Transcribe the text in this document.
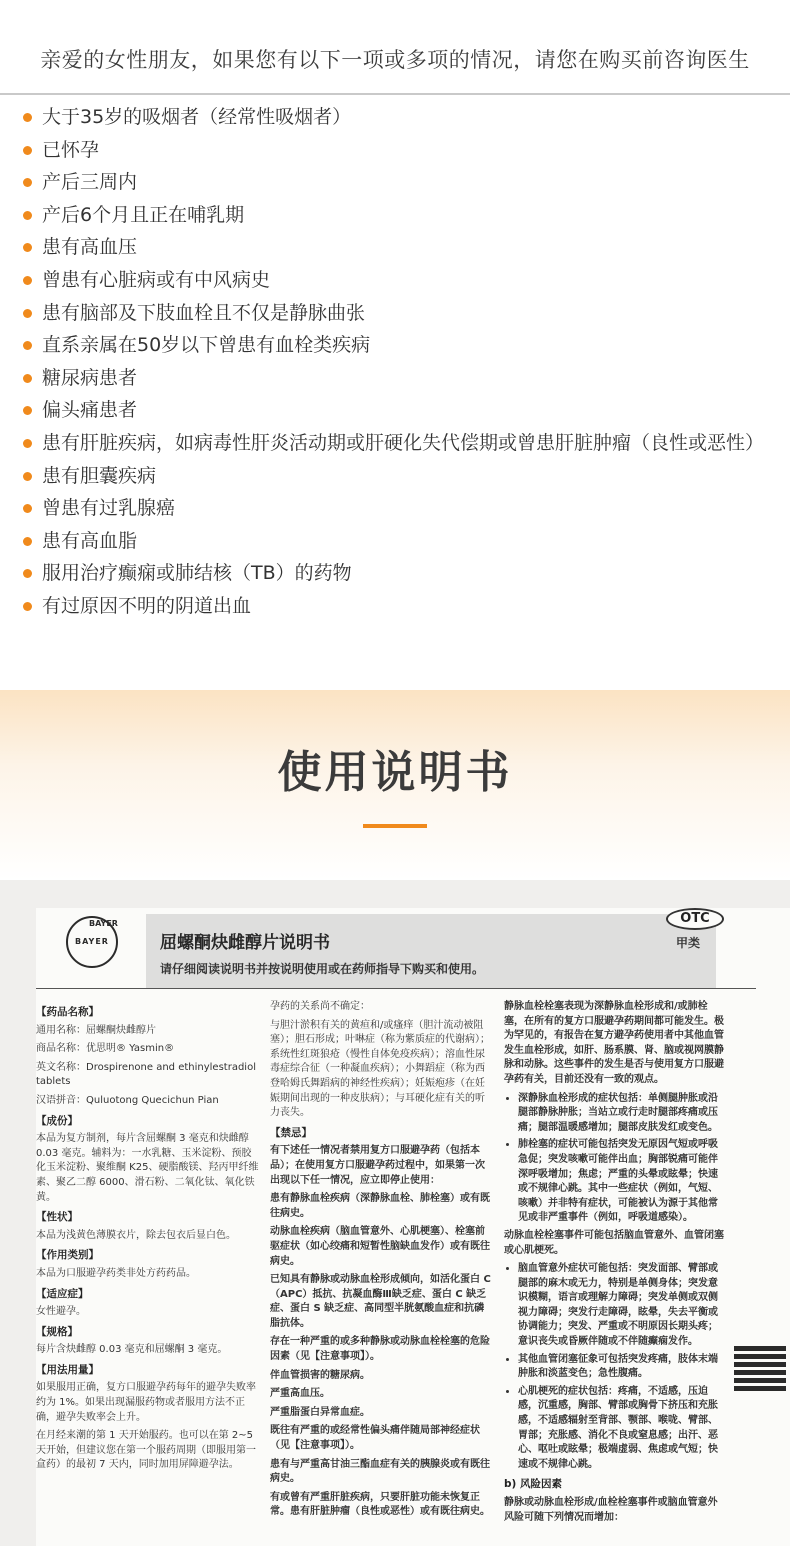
亲爱的女性朋友，如果您有以下一项或多项的情况，请您在购买前咨询医生
大于35岁的吸烟者（经常性吸烟者）
已怀孕
产后三周内
产后6个月且正在哺乳期
患有高血压
曾患有心脏病或有中风病史
患有脑部及下肢血栓且不仅是静脉曲张
直系亲属在50岁以下曾患有血栓类疾病
糖尿病患者
偏头痛患者
患有肝脏疾病，如病毒性肝炎活动期或肝硬化失代偿期或曾患肝脏肿瘤（良性或恶性）
患有胆囊疾病
曾患有过乳腺癌
患有高血脂
服用治疗癫痫或肺结核（TB）的药物
有过原因不明的阴道出血
使用说明书
BAYER
BAYER	屈螺酮炔雌醇片说明书
请仔细阅读说明书并按说明使用或在药师指导下购买和使用。
OTC
甲类

【药品名称】

通用名称：屈螺酮炔雌醇片

商品名称：优思明® Yasmin®

英文名称：Drospirenone and ethinylestradiol tablets

汉语拼音：Quluotong Quecichun Pian

【成份】

本品为复方制剂，每片含屈螺酮 3 毫克和炔雌醇 0.03 毫克。辅料为：一水乳糖、玉米淀粉、预胶化玉米淀粉、聚维酮 K25、硬脂酸镁、羟丙甲纤维素、聚乙二醇 6000、滑石粉、二氧化钛、氧化铁黄。

【性状】

本品为浅黄色薄膜衣片，除去包衣后显白色。

【作用类别】

本品为口服避孕药类非处方药药品。

【适应症】

女性避孕。

【规格】

每片含炔雌醇 0.03 毫克和屈螺酮 3 毫克。

【用法用量】

如果服用正确，复方口服避孕药每年的避孕失败率约为 1%。如果出现漏服药物或者服用方法不正确，避孕失败率会上升。

在月经来潮的第 1 天开始服药。也可以在第 2~5 天开始，但建议您在第一个服药周期（即服用第一盒药）的最初 7 天内，同时加用屏障避孕法。

孕药的关系尚不确定：

与胆汁淤积有关的黄疸和/或瘙痒（胆汁流动被阻塞）；胆石形成；叶啉症（称为紫质症的代谢病）；系统性红斑狼疮（慢性自体免疫疾病）；溶血性尿毒症综合征（一种凝血疾病）；小舞蹈症（称为西登哈姆氏舞蹈病的神经性疾病）；妊娠疱疹（在妊娠期间出现的一种皮肤病）；与耳硬化症有关的听力丧失。

【禁忌】

有下述任一情况者禁用复方口服避孕药（包括本品）；在使用复方口服避孕药过程中，如果第一次出现以下任一情况，应立即停止使用：

患有静脉血栓疾病（深静脉血栓、肺栓塞）或有既往病史。

动脉血栓疾病（脑血管意外、心肌梗塞）、栓塞前驱症状（如心绞痛和短暂性脑缺血发作）或有既往病史。

已知具有静脉或动脉血栓形成倾向，如活化蛋白 C（APC）抵抗、抗凝血酶Ⅲ缺乏症、蛋白 C 缺乏症、蛋白 S 缺乏症、高同型半胱氨酸血症和抗磷脂抗体。

存在一种严重的或多种静脉或动脉血栓栓塞的危险因素（见【注意事项】）。

伴血管损害的糖尿病。

严重高血压。

严重脂蛋白异常血症。

既往有严重的或经常性偏头痛伴随局部神经症状（见【注意事项】）。

患有与严重高甘油三酯血症有关的胰腺炎或有既往病史。

有或曾有严重肝脏疾病，只要肝脏功能未恢复正常。患有肝脏肿瘤（良性或恶性）或有既往病史。

静脉血栓栓塞表现为深静脉血栓形成和/或肺栓塞，在所有的复方口服避孕药期间都可能发生。极为罕见的，有报告在复方避孕药使用者中其他血管发生血栓形成，如肝、肠系膜、肾、脑或视网膜静脉和动脉。这些事件的发生是否与使用复方口服避孕药有关，目前还没有一致的观点。

• 深静脉血栓形成的症状包括：单侧腿肿胀或沿腿部静脉肿胀；当站立或行走时腿部疼痛或压痛；腿部温暖感增加；腿部皮肤发红或变色。
• 肺栓塞的症状可能包括突发无原因气短或呼吸急促；突发咳嗽可能伴出血；胸部锐痛可能伴深呼吸增加；焦虑；严重的头晕或眩晕；快速或不规律心跳。其中一些症状（例如，气短、咳嗽）并非特有症状，可能被认为源于其他常见或非严重事件（例如，呼吸道感染）。

动脉血栓栓塞事件可能包括脑血管意外、血管闭塞或心肌梗死。

• 脑血管意外症状可能包括：突发面部、臂部或腿部的麻木或无力，特别是单侧身体；突发意识模糊，语言或理解力障碍；突发单侧或双侧视力障碍；突发行走障碍，眩晕，失去平衡或协调能力；突发、严重或不明原因长期头疼；意识丧失或昏厥伴随或不伴随癫痫发作。
• 其他血管闭塞征象可包括突发疼痛，肢体末端肿胀和淡蓝变色；急性腹痛。
• 心肌梗死的症状包括：疼痛，不适感，压迫感，沉重感，胸部、臂部或胸骨下挤压和充胀感，不适感辐射至背部、颚部、喉咙、臂部、胃部；充胀感、消化不良或窒息感；出汗、恶心、呕吐或眩晕；极端虚弱、焦虑或气短；快速或不规律心跳。

b) 风险因素

静脉或动脉血栓形成/血栓栓塞事件或脑血管意外风险可随下列情况而增加：
